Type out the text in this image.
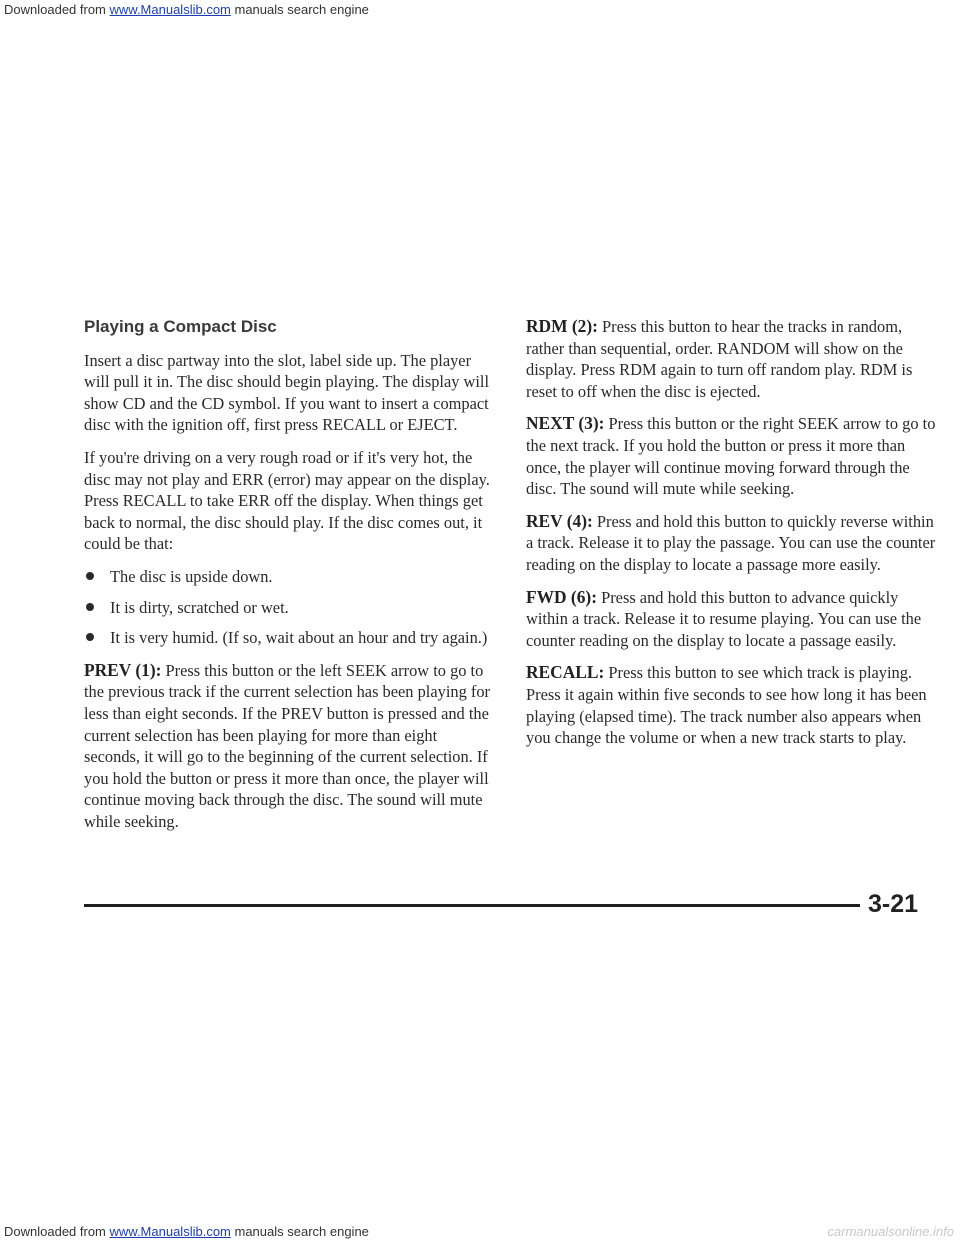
Downloaded from www.Manualslib.com manuals search engine
Playing a Compact Disc

Insert a disc partway into the slot, label side up. The player will pull it in. The disc should begin playing. The display will show CD and the CD symbol. If you want to insert a compact disc with the ignition off, first press RECALL or EJECT.

If you're driving on a very rough road or if it's very hot, the disc may not play and ERR (error) may appear on the display. Press RECALL to take ERR off the display. When things get back to normal, the disc should play. If the disc comes out, it could be that:

The disc is upside down.
It is dirty, scratched or wet.
It is very humid. (If so, wait about an hour and try again.)

PREV (1): Press this button or the left SEEK arrow to go to the previous track if the current selection has been playing for less than eight seconds. If the PREV button is pressed and the current selection has been playing for more than eight seconds, it will go to the beginning of the current selection. If you hold the button or press it more than once, the player will continue moving back through the disc. The sound will mute while seeking.

RDM (2): Press this button to hear the tracks in random, rather than sequential, order. RANDOM will show on the display. Press RDM again to turn off random play. RDM is reset to off when the disc is ejected.

NEXT (3): Press this button or the right SEEK arrow to go to the next track. If you hold the button or press it more than once, the player will continue moving forward through the disc. The sound will mute while seeking.

REV (4): Press and hold this button to quickly reverse within a track. Release it to play the passage. You can use the counter reading on the display to locate a passage more easily.

FWD (6): Press and hold this button to advance quickly within a track. Release it to resume playing. You can use the counter reading on the display to locate a passage easily.

RECALL: Press this button to see which track is playing. Press it again within five seconds to see how long it has been playing (elapsed time). The track number also appears when you change the volume or when a new track starts to play.

3-21
Downloaded from www.Manualslib.com manuals search engine	carmanualsonline.info
